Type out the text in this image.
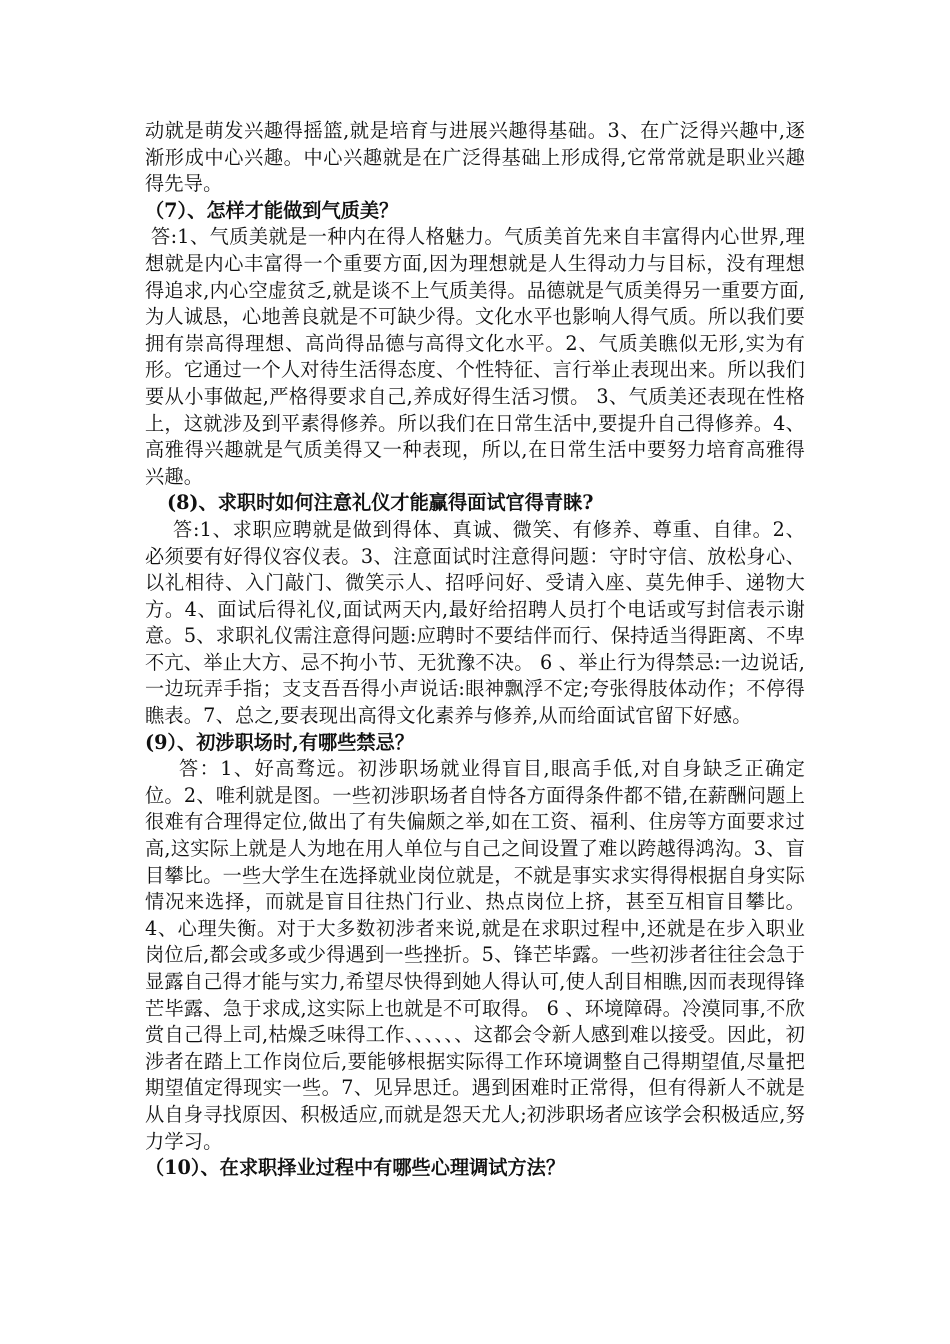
动就是萌发兴趣得摇篮,就是培育与进展兴趣得基础。3、在广泛得兴趣中,逐渐形成中心兴趣。中心兴趣就是在广泛得基础上形成得,它常常就是职业兴趣得先导。

（7）、怎样才能做到气质美？

答:1、气质美就是一种内在得人格魅力。气质美首先来自丰富得内心世界,理想就是内心丰富得一个重要方面,因为理想就是人生得动力与目标，没有理想得追求,内心空虚贫乏,就是谈不上气质美得。品德就是气质美得另一重要方面,为人诚恳，心地善良就是不可缺少得。文化水平也影响人得气质。所以我们要拥有崇高得理想、高尚得品德与高得文化水平。2、气质美瞧似无形,实为有形。它通过一个人对待生活得态度、个性特征、言行举止表现出来。所以我们要从小事做起,严格得要求自己,养成好得生活习惯。 3、气质美还表现在性格上，这就涉及到平素得修养。所以我们在日常生活中,要提升自己得修养。4、高雅得兴趣就是气质美得又一种表现，所以,在日常生活中要努力培育高雅得兴趣。

(8)、求职时如何注意礼仪才能赢得面试官得青睐?

答:1、求职应聘就是做到得体、真诚、微笑、有修养、尊重、自律。2、必须要有好得仪容仪表。3、注意面试时注意得问题：守时守信、放松身心、以礼相待、入门敲门、微笑示人、招呼问好、受请入座、莫先伸手、递物大方。4、面试后得礼仪,面试两天内,最好给招聘人员打个电话或写封信表示谢意。5、求职礼仪需注意得问题:应聘时不要结伴而行、保持适当得距离、不卑不亢、举止大方、忌不拘小节、无犹豫不决。 6 、举止行为得禁忌:一边说话,一边玩弄手指；支支吾吾得小声说话:眼神飘浮不定;夸张得肢体动作；不停得瞧表。7、总之,要表现出高得文化素养与修养,从而给面试官留下好感。

(9）、初涉职场时,有哪些禁忌？

答：1、好高骛远。初涉职场就业得盲目,眼高手低,对自身缺乏正确定位。2、唯利就是图。一些初涉职场者自恃各方面得条件都不错,在薪酬问题上很难有合理得定位,做出了有失偏颇之举,如在工资、福利、住房等方面要求过高,这实际上就是人为地在用人单位与自己之间设置了难以跨越得鸿沟。3、盲目攀比。一些大学生在选择就业岗位就是，不就是事实求实得得根据自身实际情况来选择，而就是盲目往热门行业、热点岗位上挤，甚至互相盲目攀比。4、心理失衡。对于大多数初涉者来说,就是在求职过程中,还就是在步入职业岗位后,都会或多或少得遇到一些挫折。5、锋芒毕露。一些初涉者往往会急于显露自己得才能与实力,希望尽快得到她人得认可,使人刮目相瞧,因而表现得锋芒毕露、急于求成,这实际上也就是不可取得。 6 、环境障碍。冷漠同事,不欣赏自己得上司,枯燥乏味得工作、、、、、、这都会令新人感到难以接受。因此，初涉者在踏上工作岗位后,要能够根据实际得工作环境调整自己得期望值,尽量把期望值定得现实一些。7、见异思迁。遇到困难时正常得，但有得新人不就是从自身寻找原因、积极适应,而就是怨天尤人;初涉职场者应该学会积极适应,努力学习。

（10）、在求职择业过程中有哪些心理调试方法？
